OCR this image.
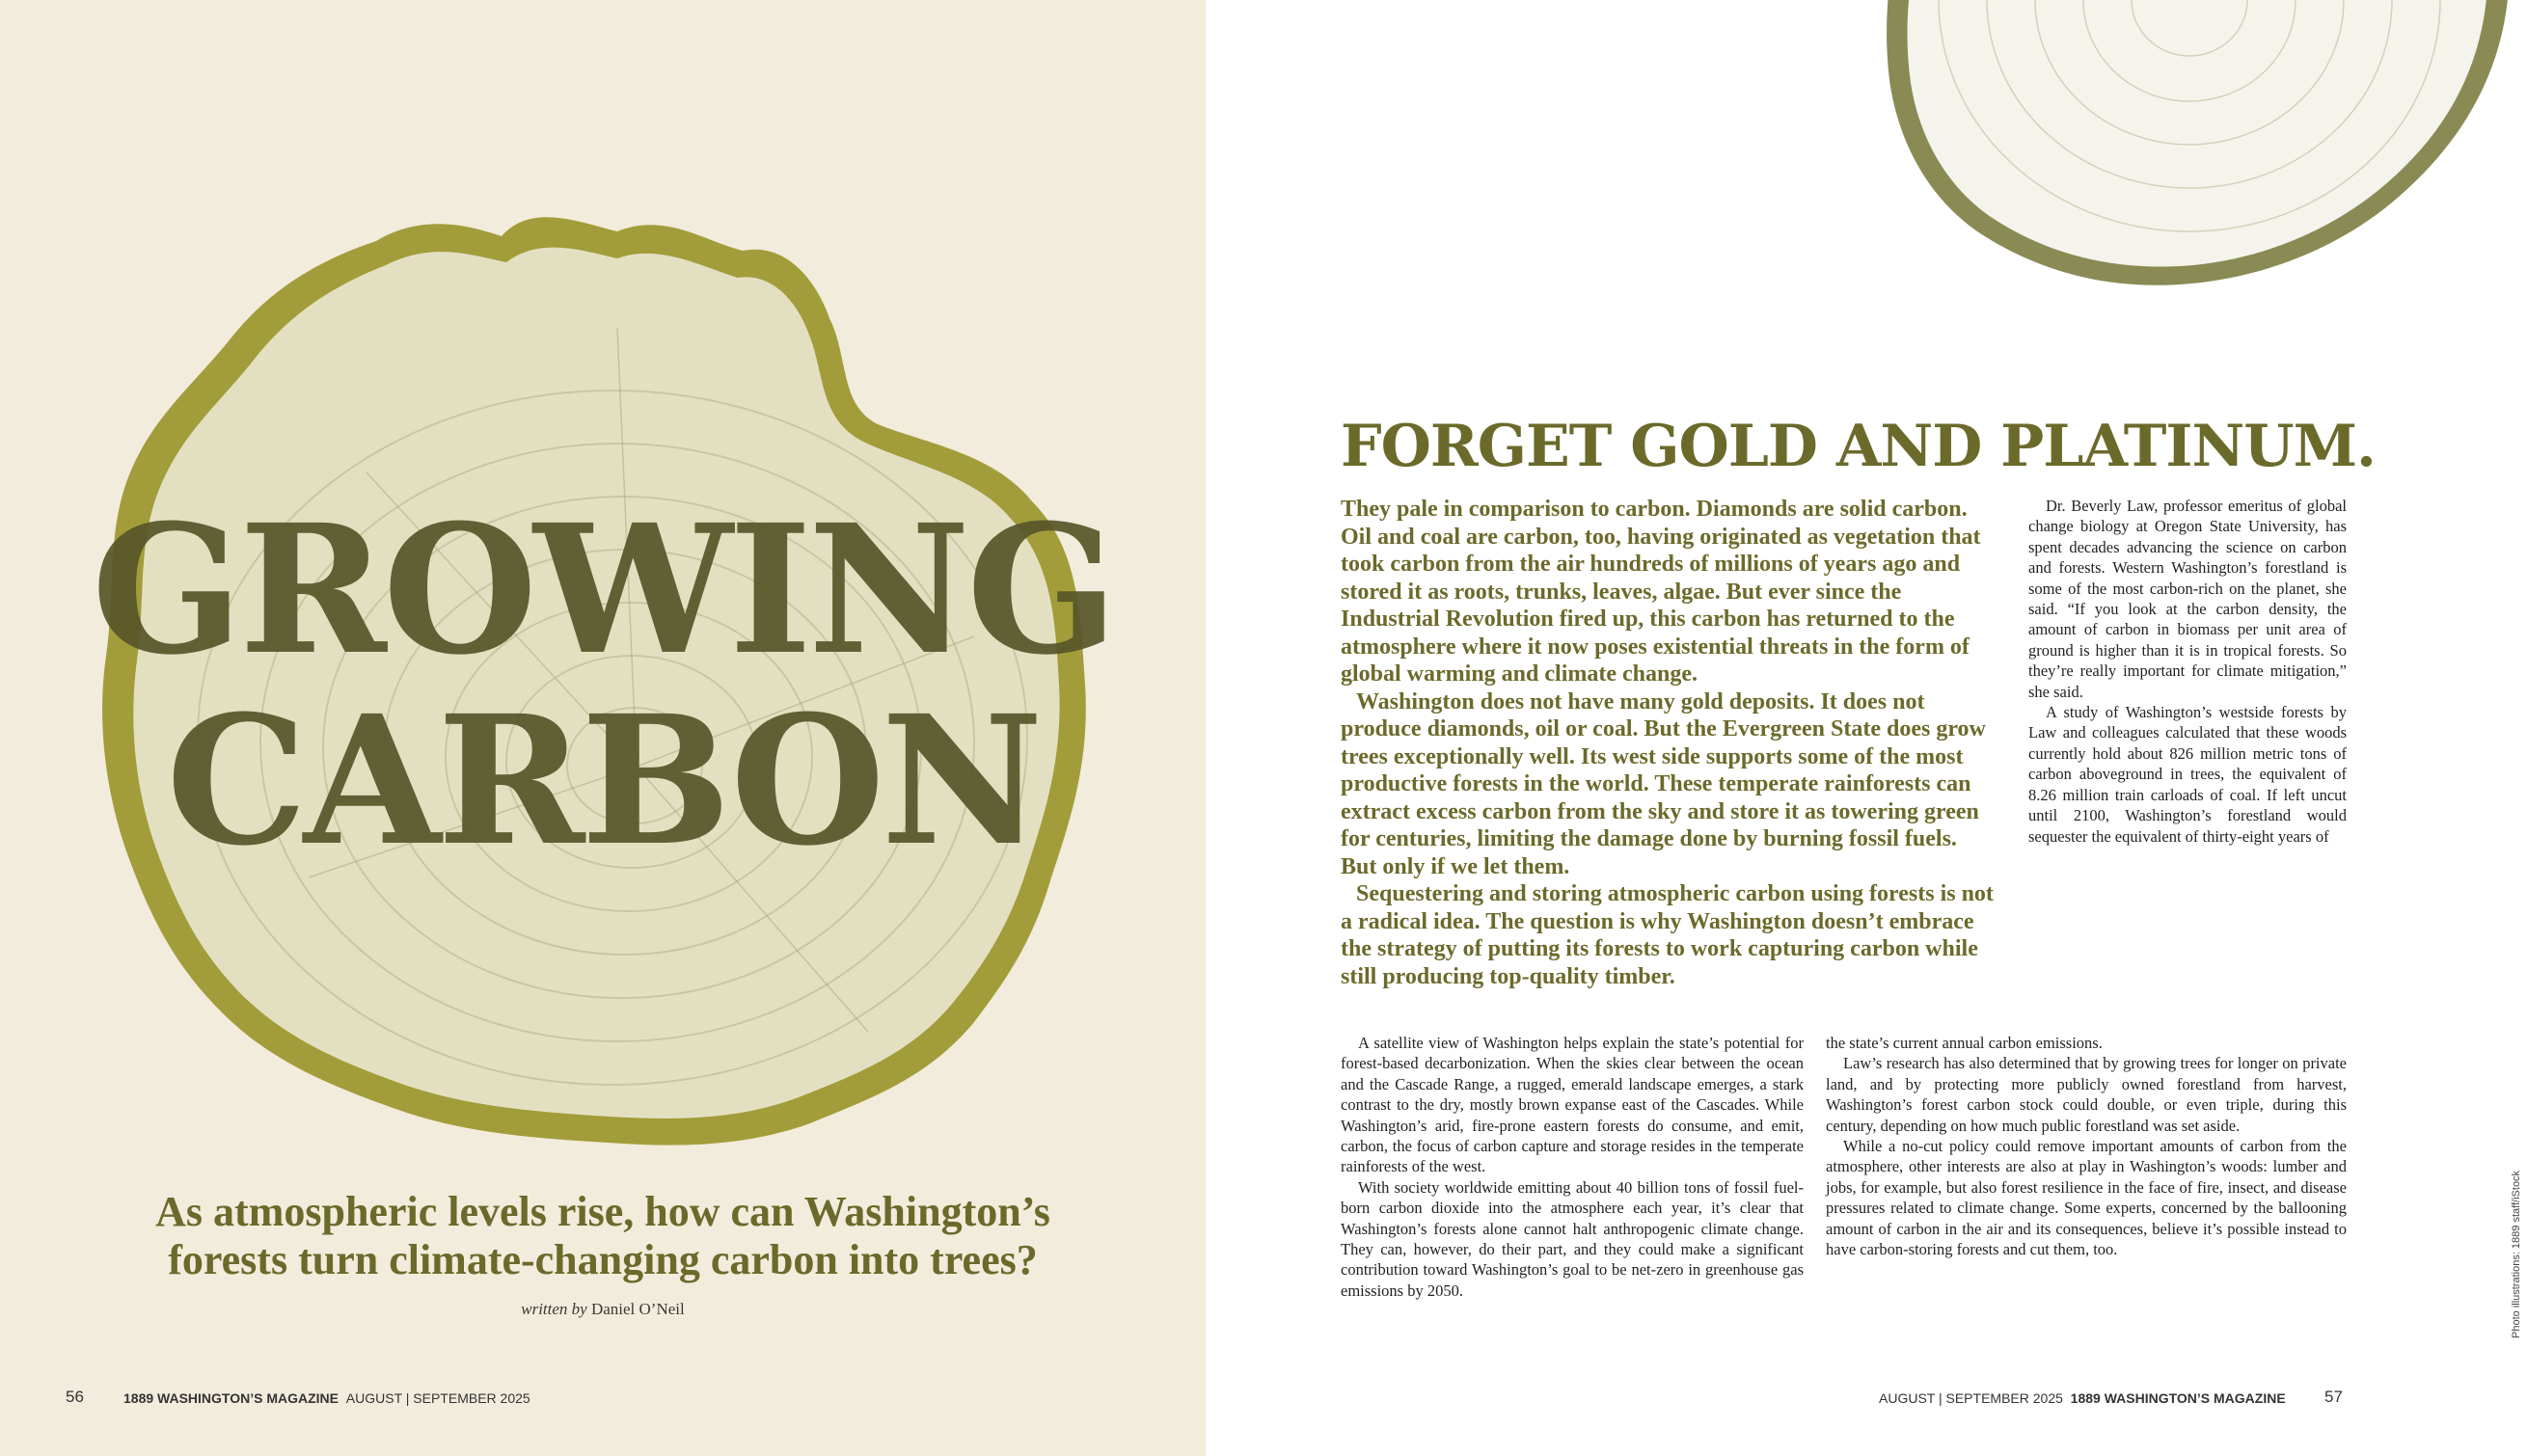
GROWING
CARBON

As atmospheric levels rise, how can Washington’s forests turn climate-changing carbon into trees?

written by Daniel O’Neil
56	1889 WASHINGTON’S MAGAZINE AUGUST | SEPTEMBER 2025
FORGET GOLD AND PLATINUM.

They pale in comparison to carbon. Diamonds are solid carbon. Oil and coal are carbon, too, having originated as vegetation that took carbon from the air hundreds of millions of years ago and stored it as roots, trunks, leaves, algae. But ever since the Industrial Revolution fired up, this carbon has returned to the atmosphere where it now poses existential threats in the form of global warming and climate change.

Washington does not have many gold deposits. It does not produce diamonds, oil or coal. But the Evergreen State does grow trees exceptionally well. Its west side supports some of the most productive forests in the world. These temperate rainforests can extract excess carbon from the sky and store it as towering green for centuries, limiting the damage done by burning fossil fuels. But only if we let them.

Sequestering and storing atmospheric carbon using forests is not a radical idea. The question is why Washington doesn’t embrace the strategy of putting its forests to work capturing carbon while still producing top-quality timber.

Dr. Beverly Law, professor emeritus of global change biology at Oregon State University, has spent decades advancing the science on carbon and forests. Western Washington’s forestland is some of the most carbon-rich on the planet, she said. “If you look at the carbon density, the amount of carbon in biomass per unit area of ground is higher than it is in tropical forests. So they’re really important for climate mitigation,” she said.

A study of Washington’s westside forests by Law and colleagues calculated that these woods currently hold about 826 million metric tons of carbon aboveground in trees, the equivalent of 8.26 million train carloads of coal. If left uncut until 2100, Washington’s forestland would sequester the equivalent of thirty-eight years of

A satellite view of Washington helps explain the state’s potential for forest-based decarbonization. When the skies clear between the ocean and the Cascade Range, a rugged, emerald landscape emerges, a stark contrast to the dry, mostly brown expanse east of the Cascades. While Washington’s arid, fire-prone eastern forests do consume, and emit, carbon, the focus of carbon capture and storage resides in the temperate rainforests of the west.

With society worldwide emitting about 40 billion tons of fossil fuel-born carbon dioxide into the atmosphere each year, it’s clear that Washington’s forests alone cannot halt anthropogenic climate change. They can, however, do their part, and they could make a significant contribution toward Washington’s goal to be net-zero in greenhouse gas emissions by 2050.

the state’s current annual carbon emissions.

Law’s research has also determined that by growing trees for longer on private land, and by protecting more publicly owned forestland from harvest, Washington’s forest carbon stock could double, or even triple, during this century, depending on how much public forestland was set aside.

While a no-cut policy could remove important amounts of carbon from the atmosphere, other interests are also at play in Washington’s woods: lumber and jobs, for example, but also forest resilience in the face of fire, insect, and disease pressures related to climate change. Some experts, concerned by the ballooning amount of carbon in the air and its consequences, believe it’s possible instead to have carbon-storing forests and cut them, too.	Photo illustrations: 1889 staff/iStock
AUGUST | SEPTEMBER 2025 1889 WASHINGTON’S MAGAZINE 57
